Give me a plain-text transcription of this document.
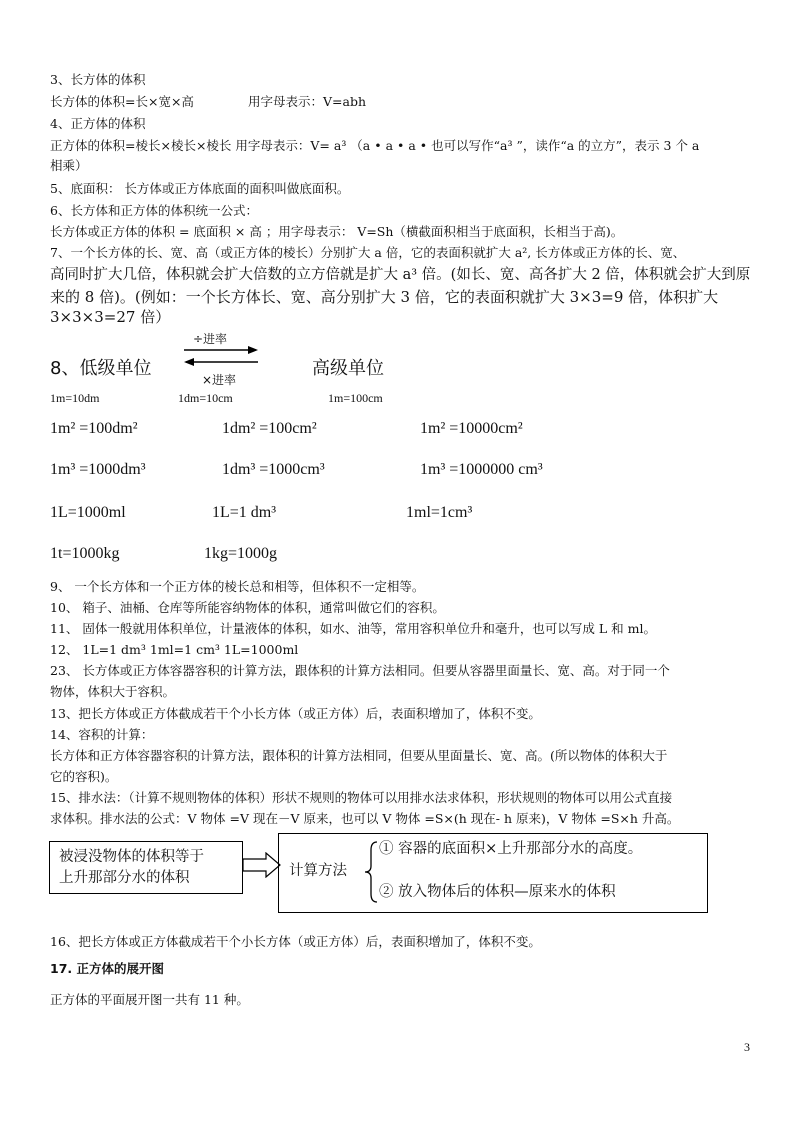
3、长方体的体积
长方体的体积=长×宽×高	用字母表示：V=abh
4、正方体的体积
正方体的体积=棱长×棱长×棱长 用字母表示：V= a³ （a • a • a • 也可以写作“a³ ”，读作“a 的立方”，表示 3 个 a
相乘）
5、底面积： 长方体或正方体底面的面积叫做底面积。
6、长方体和正方体的体积统一公式：
长方体或正方体的体积 = 底面积 × 高 ；用字母表示： V=Sh（横截面积相当于底面积，长相当于高)。
7、一个长方体的长、宽、高（或正方体的棱长）分别扩大 a 倍，它的表面积就扩大 a², 长方体或正方体的长、宽、
高同时扩大几倍，体积就会扩大倍数的立方倍就是扩大 a³ 倍。(如长、宽、高各扩大 2 倍，体积就会扩大到原
来的 8 倍)。(例如：一个长方体长、宽、高分别扩大 3 倍，它的表面积就扩大 3×3=9 倍，体积扩大
3×3×3=27 倍）
8、低级单位
÷进率
×进率
高级单位
1m=10dm	1dm=10cm	1m=100cm
1m² =100dm²	1dm² =100cm²	1m² =10000cm²
1m³ =1000dm³	1dm³ =1000cm³	1m³ =1000000 cm³
1L=1000ml	1L=1 dm³	1ml=1cm³
1t=1000kg	1kg=1000g
9、 一个长方体和一个正方体的棱长总和相等，但体积不一定相等。
10、 箱子、油桶、仓库等所能容纳物体的体积，通常叫做它们的容积。
11、 固体一般就用体积单位，计量液体的体积，如水、油等，常用容积单位升和毫升，也可以写成 L 和 ml。
12、 1L=1 dm³ 1ml=1 cm³ 1L=1000ml
23、 长方体或正方体容器容积的计算方法，跟体积的计算方法相同。但要从容器里面量长、宽、高。对于同一个
物体，体积大于容积。
13、把长方体或正方体截成若干个小长方体（或正方体）后，表面积增加了，体积不变。
14、容积的计算：
长方体和正方体容器容积的计算方法，跟体积的计算方法相同，但要从里面量长、宽、高。(所以物体的体积大于
它的容积)。
15、排水法：（计算不规则物体的体积）形状不规则的物体可以用排水法求体积，形状规则的物体可以用公式直接
求体积。排水法的公式：V 物体 =V 现在－V 原来，也可以 V 物体 =S×(h 现在- h 原来)，V 物体 =S×h 升高。
被浸没物体的体积等于
上升那部分水的体积	计算方法
① 容器的底面积×上升那部分水的高度。
② 放入物体后的体积—原来水的体积
16、把长方体或正方体截成若干个小长方体（或正方体）后，表面积增加了，体积不变。
17. 正方体的展开图
正方体的平面展开图一共有 11 种。
3
